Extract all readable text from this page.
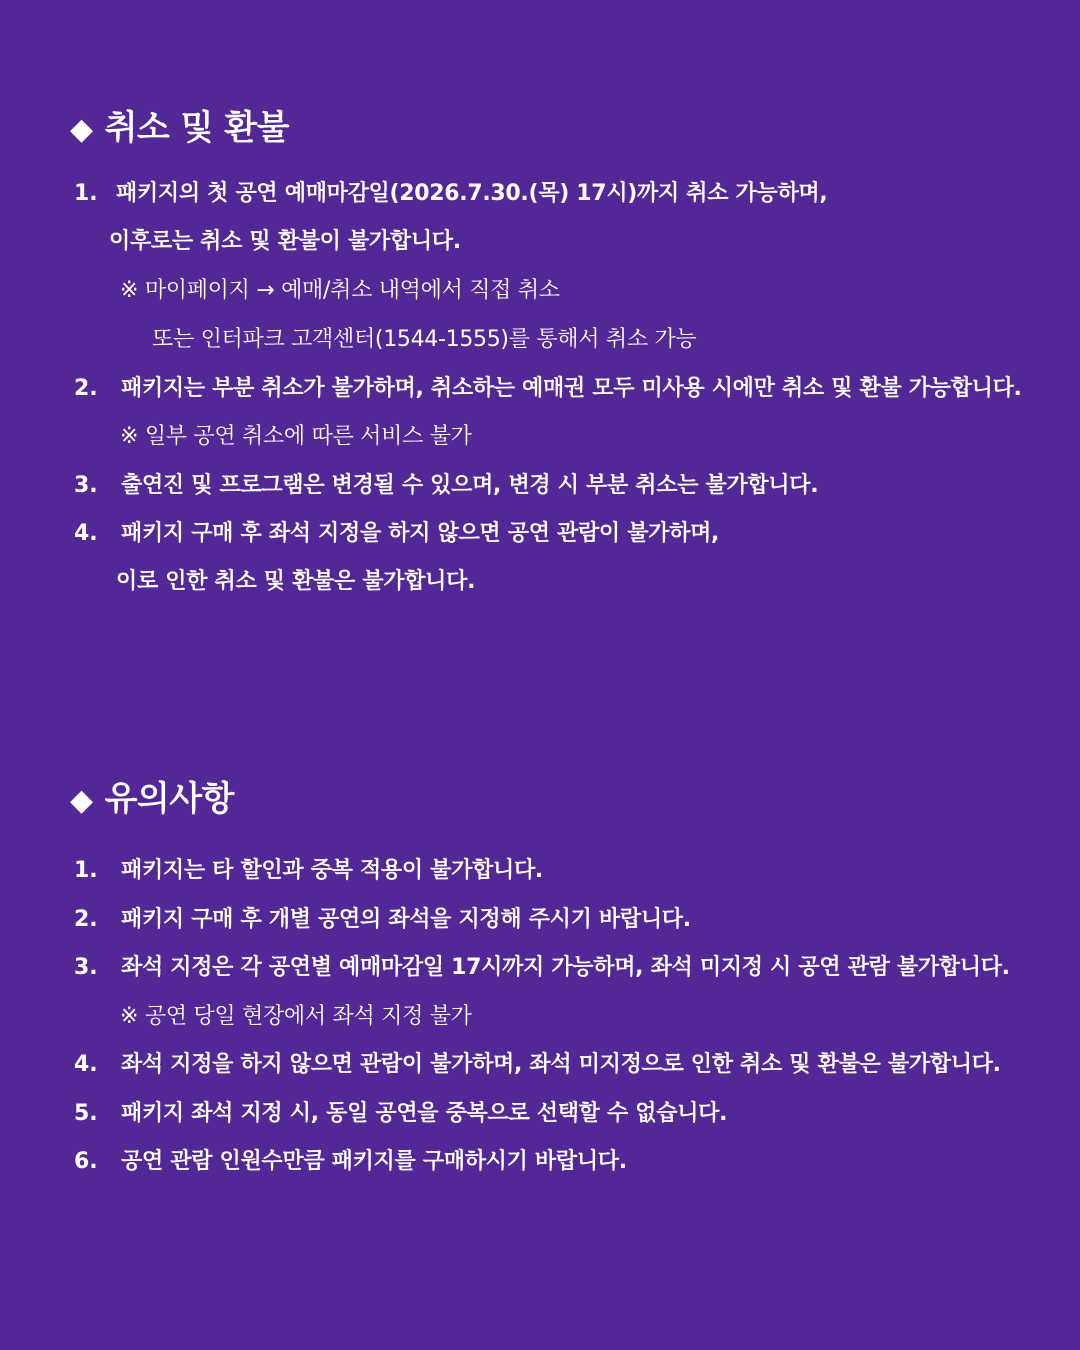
◆ 취소 및 환불
1. 패키지의 첫 공연 예매마감일(2026.7.30.(목) 17시)까지 취소 가능하며,
이후로는 취소 및 환불이 불가합니다.
※ 마이페이지 → 예매/취소 내역에서 직접 취소
또는 인터파크 고객센터(1544-1555)를 통해서 취소 가능
2. 패키지는 부분 취소가 불가하며, 취소하는 예매권 모두 미사용 시에만 취소 및 환불 가능합니다.
※ 일부 공연 취소에 따른 서비스 불가
3. 출연진 및 프로그램은 변경될 수 있으며, 변경 시 부분 취소는 불가합니다.
4. 패키지 구매 후 좌석 지정을 하지 않으면 공연 관람이 불가하며,
이로 인한 취소 및 환불은 불가합니다.
◆ 유의사항
1. 패키지는 타 할인과 중복 적용이 불가합니다.
2. 패키지 구매 후 개별 공연의 좌석을 지정해 주시기 바랍니다.
3. 좌석 지정은 각 공연별 예매마감일 17시까지 가능하며, 좌석 미지정 시 공연 관람 불가합니다.
※ 공연 당일 현장에서 좌석 지정 불가
4. 좌석 지정을 하지 않으면 관람이 불가하며, 좌석 미지정으로 인한 취소 및 환불은 불가합니다.
5. 패키지 좌석 지정 시, 동일 공연을 중복으로 선택할 수 없습니다.
6. 공연 관람 인원수만큼 패키지를 구매하시기 바랍니다.
